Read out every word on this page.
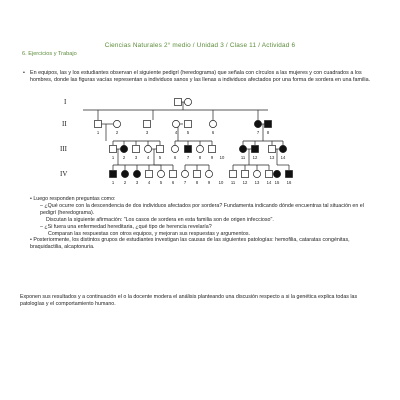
Ciencias Naturales 2° medio / Unidad 3 / Clase 11 / Actividad 6
6. Ejercicios y Trabajo
• En equipos, las y los estudiantes observan el siguiente pedigrí (heredograma) que señala con círculos a las mujeres y con cuadrados a los hombres, donde las figuras vacías representan a individuos sanos y las llenas a individuos afectados por una forma de sordera en una familia.
I
II
III
IV
1	2	3	4 5	6	7 8
1 2 3 4 5	6	7 8 9 10	11 12	13 14
1 2 3 4 5 6 7 8 9 10 11 12 13 14 15 16

• Luego responden preguntas como:

– ¿Qué ocurre con la descendencia de dos individuos afectados por sordera? Fundamenta indicando dónde encuentras tal situación en el pedigrí (heredograma).

Discutan la siguiente afirmación: "Los casos de sordera en esta familia son de origen infeccioso".

– ¿Si fuera una enfermedad hereditaria, ¿qué tipo de herencia revelaría?

Comparan las respuestas con otros equipos, y mejoran sus respuestas y argumentos.

• Posteriormente, los distintos grupos de estudiantes investigan las causas de las siguientes patologías: hemofilia, cataratas congénitas, braquidactilia, alcaptonuria.

Exponen sus resultados y a continuación el o la docente modera el análisis planteando una discusión respecto a si la genética explica todas las patologías y el comportamiento humano.
